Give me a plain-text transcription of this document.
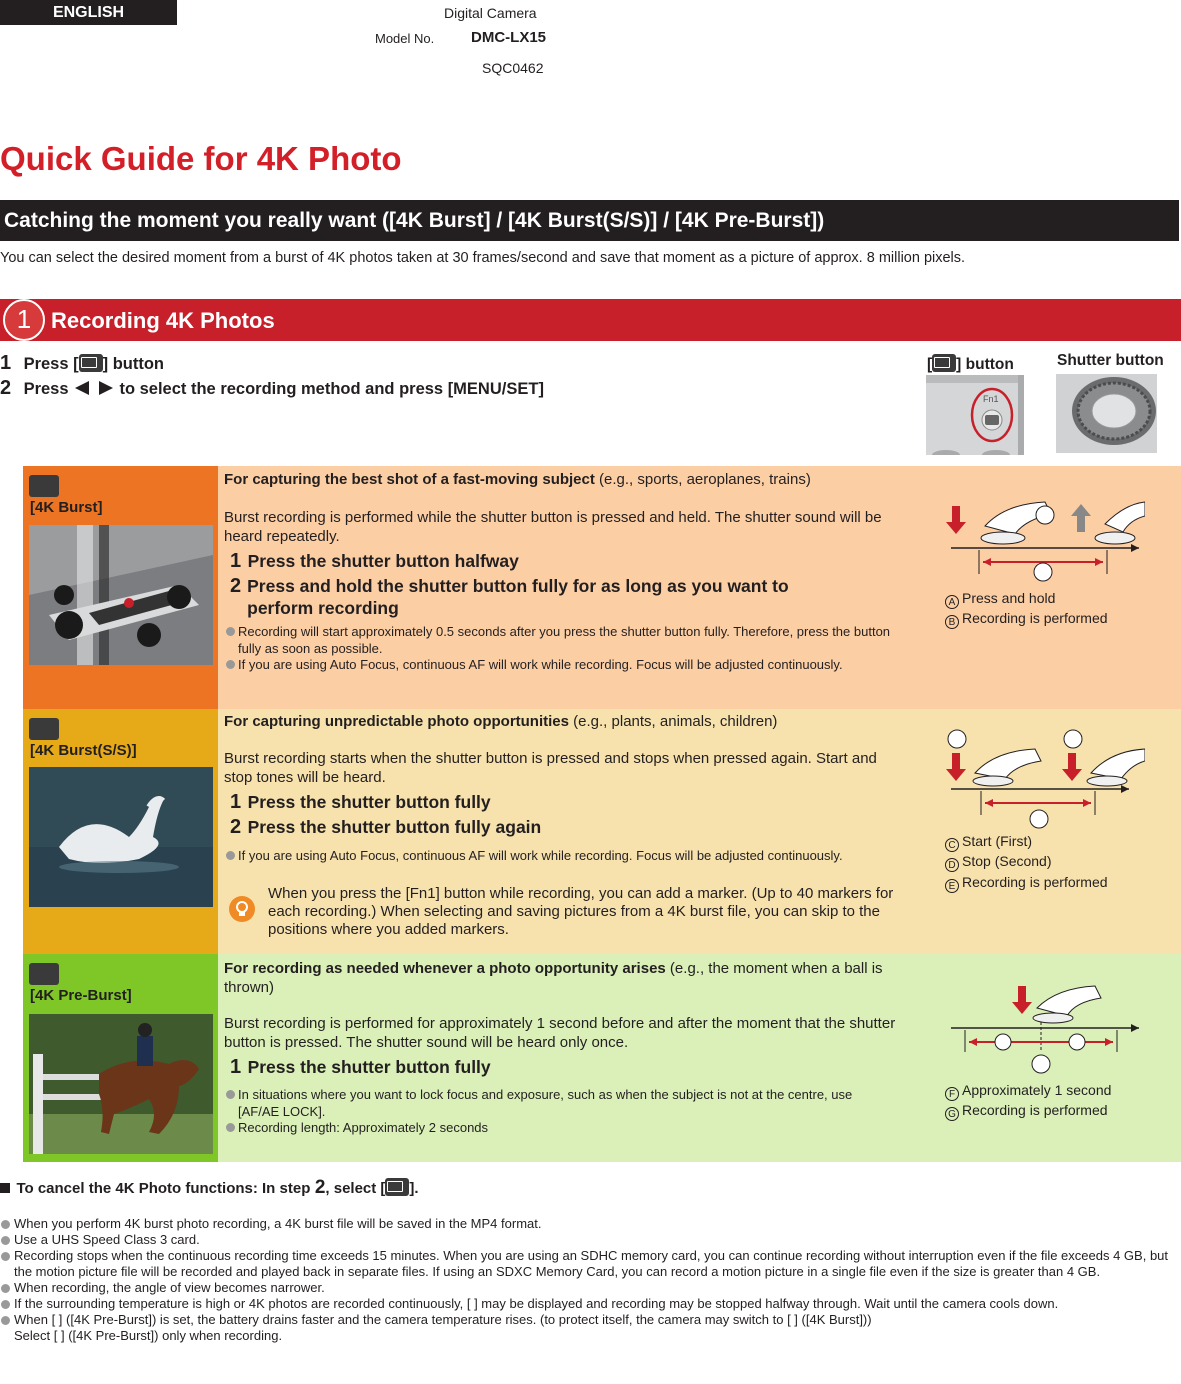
ENGLISH	Digital Camera
Model No. DMC-LX15
SQC0462
Quick Guide for 4K Photo
Catching the moment you really want ([4K Burst] / [4K Burst(S/S)] / [4K Pre-Burst])
You can select the desired moment from a burst of 4K photos taken at 30 frames/second and save that moment as a picture of approx. 8 million pixels.
1 Recording 4K Photos
1 Press [ ] button
2 Press	to select the recording method and press [MENU/SET]
[ ] button	Shutter button
Fn1
[4K Burst]
For capturing the best shot of a fast-moving subject (e.g., sports, aeroplanes, trains)
Burst recording is performed while the shutter button is pressed and held. The shutter sound will be heard repeatedly.
1 Press the shutter button halfway
2 Press and hold the shutter button fully for as long as you want to perform recording
Recording will start approximately 0.5 seconds after you press the shutter button fully. Therefore, press the button fully as soon as possible.
If you are using Auto Focus, continuous AF will work while recording. Focus will be adjusted continuously.
A Press and hold
B Recording is performed
[4K Burst(S/S)]
For capturing unpredictable photo opportunities (e.g., plants, animals, children)
Burst recording starts when the shutter button is pressed and stops when pressed again. Start and stop tones will be heard.
1 Press the shutter button fully
2 Press the shutter button fully again
If you are using Auto Focus, continuous AF will work while recording. Focus will be adjusted continuously.
When you press the [Fn1] button while recording, you can add a marker. (Up to 40 markers for each recording.) When selecting and saving pictures from a 4K burst file, you can skip to the positions where you added markers.
C Start (First)
D Stop (Second)
E Recording is performed
[4K Pre-Burst]
For recording as needed whenever a photo opportunity arises (e.g., the moment when a ball is thrown)
Burst recording is performed for approximately 1 second before and after the moment that the shutter button is pressed. The shutter sound will be heard only once.
1 Press the shutter button fully
In situations where you want to lock focus and exposure, such as when the subject is not at the centre, use [AF/AE LOCK].
Recording length: Approximately 2 seconds
F Approximately 1 second
G Recording is performed
To cancel the 4K Photo functions: In step 2, select [ ].
When you perform 4K burst photo recording, a 4K burst file will be saved in the MP4 format.
Use a UHS Speed Class 3 card.
Recording stops when the continuous recording time exceeds 15 minutes. When you are using an SDHC memory card, you can continue recording without interruption even if the file exceeds 4 GB, but the motion picture file will be recorded and played back in separate files. If using an SDXC Memory Card, you can record a motion picture in a single file even if the size is greater than 4 GB.
When recording, the angle of view becomes narrower.
If the surrounding temperature is high or 4K photos are recorded continuously, [ ] may be displayed and recording may be stopped halfway through. Wait until the camera cools down.
When [ ] ([4K Pre-Burst]) is set, the battery drains faster and the camera temperature rises. (to protect itself, the camera may switch to [ ] ([4K Burst]))
Select [ ] ([4K Pre-Burst]) only when recording.
